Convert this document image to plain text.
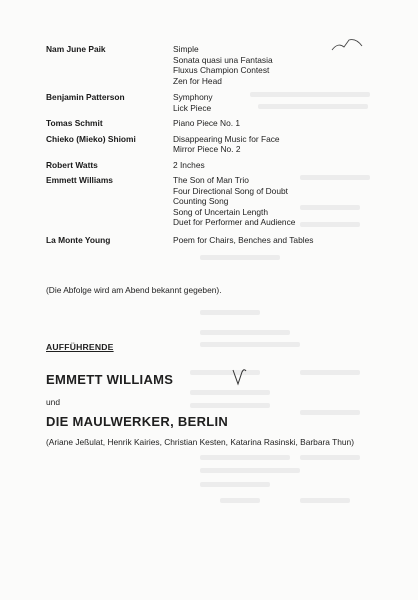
Nam June Paik	Simple
Sonata quasi una Fantasia
Fluxus Champion Contest
Zen for Head
Benjamin Patterson	Symphony
Lick Piece
Tomas Schmit	Piano Piece No. 1
Chieko (Mieko) Shiomi	Disappearing Music for Face
Mirror Piece No. 2
Robert Watts	2 Inches
Emmett Williams	The Son of Man Trio
Four Directional Song of Doubt
Counting Song
Song of Uncertain Length
Duet for Performer and Audience
La Monte Young	Poem for Chairs, Benches and Tables
(Die Abfolge wird am Abend bekannt gegeben).
AUFFÜHRENDE
EMMETT WILLIAMS
und
DIE MAULWERKER, BERLIN
(Ariane Jeßulat, Henrik Kairies, Christian Kesten, Katarina Rasinski, Barbara Thun)
